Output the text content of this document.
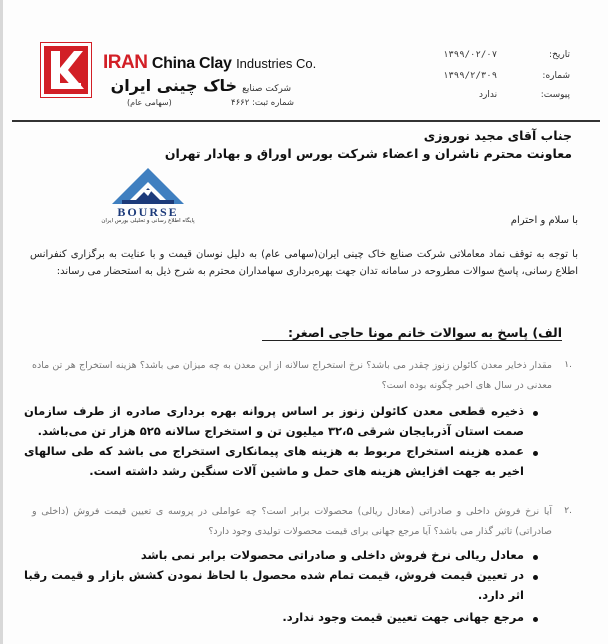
IRAN China Clay Industries Co.
شرکت صنایع خاک چینی ایران
(سهامی عام)	شماره ثبت: ۴۶۶۲
تاریخ: ۱۳۹۹/۰۲/۰۷
شماره: ۱۳۹۹/۲/۳۰۹
پیوست: ندارد
جناب آقای مجید نوروزی
معاونت محترم ناشران و اعضاء شرکت بورس اوراق و بهادار تهران
BOURSE
پایگاه اطلاع رسانی و تحلیلی بورس ایران	با سلام و احترام
با توجه به توقف نماد معاملاتی شرکت صنایع خاک چینی ایران(سهامی عام) به دلیل نوسان قیمت و با عنایت به برگزاری کنفرانس اطلاع رسانی، پاسخ سوالات مطروحه در سامانه تدان جهت بهره‌برداری سهامداران محترم به شرح ذیل به استحضار می رساند:
الف) پاسخ به سوالات خانم مونا حاجی اصغر:
۱.
مقدار ذخایر معدن کائولن زنوز چقدر می باشد؟ نرخ استخراج سالانه از این معدن به چه میزان می باشد؟ هزینه استخراج هر تن ماده معدنی در سال های اخیر چگونه بوده است؟
ذخیره قطعی معدن کائولن زنوز بر اساس پروانه بهره برداری صادره از طرف سازمان صمت استان آذربایجان شرقی ۳۲،۵ میلیون تن و استخراج سالانه ۵۲۵ هزار تن می‌باشد.
عمده هزینه استخراج مربوط به هزینه های پیمانکاری استخراج می باشد که طی سالهای اخیر به جهت افزایش هزینه های حمل و ماشین آلات سنگین رشد داشته است.
۲.
آیا نرخ فروش داخلی و صادراتی (معادل ریالی) محصولات برابر است؟ چه عواملی در پروسه ی تعیین قیمت فروش (داخلی و صادراتی) تاثیر گذار می باشد؟ آیا مرجع جهانی برای قیمت محصولات تولیدی وجود دارد؟
معادل ریالی نرخ فروش داخلی و صادراتی محصولات برابر نمی باشد
در تعیین قیمت فروش، قیمت تمام شده محصول با لحاظ نمودن کشش بازار و قیمت رقبا اثر دارد.
مرجع جهانی جهت تعیین قیمت وجود ندارد.
